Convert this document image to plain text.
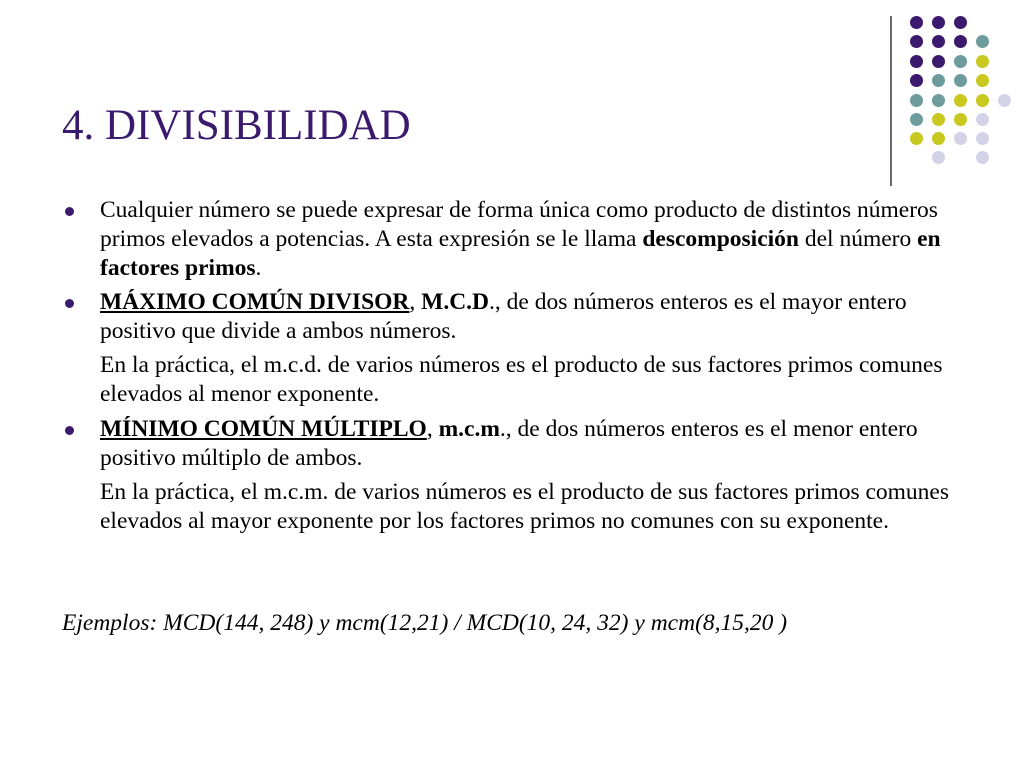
4. DIVISIBILIDAD

Cualquier número se puede expresar de forma única como producto de distintos números primos elevados a potencias. A esta expresión se le llama descomposición del número en factores primos.

MÁXIMO COMÚN DIVISOR, M.C.D., de dos números enteros es el mayor entero positivo que divide a ambos números.

En la práctica, el m.c.d. de varios números es el producto de sus factores primos comunes elevados al menor exponente.

MÍNIMO COMÚN MÚLTIPLO, m.c.m., de dos números enteros es el menor entero positivo múltiplo de ambos.

En la práctica, el m.c.m. de varios números es el producto de sus factores primos comunes elevados al mayor exponente por los factores primos no comunes con su exponente.

Ejemplos: MCD(144, 248) y mcm(12,21) / MCD(10, 24, 32) y mcm(8,15,20 )
